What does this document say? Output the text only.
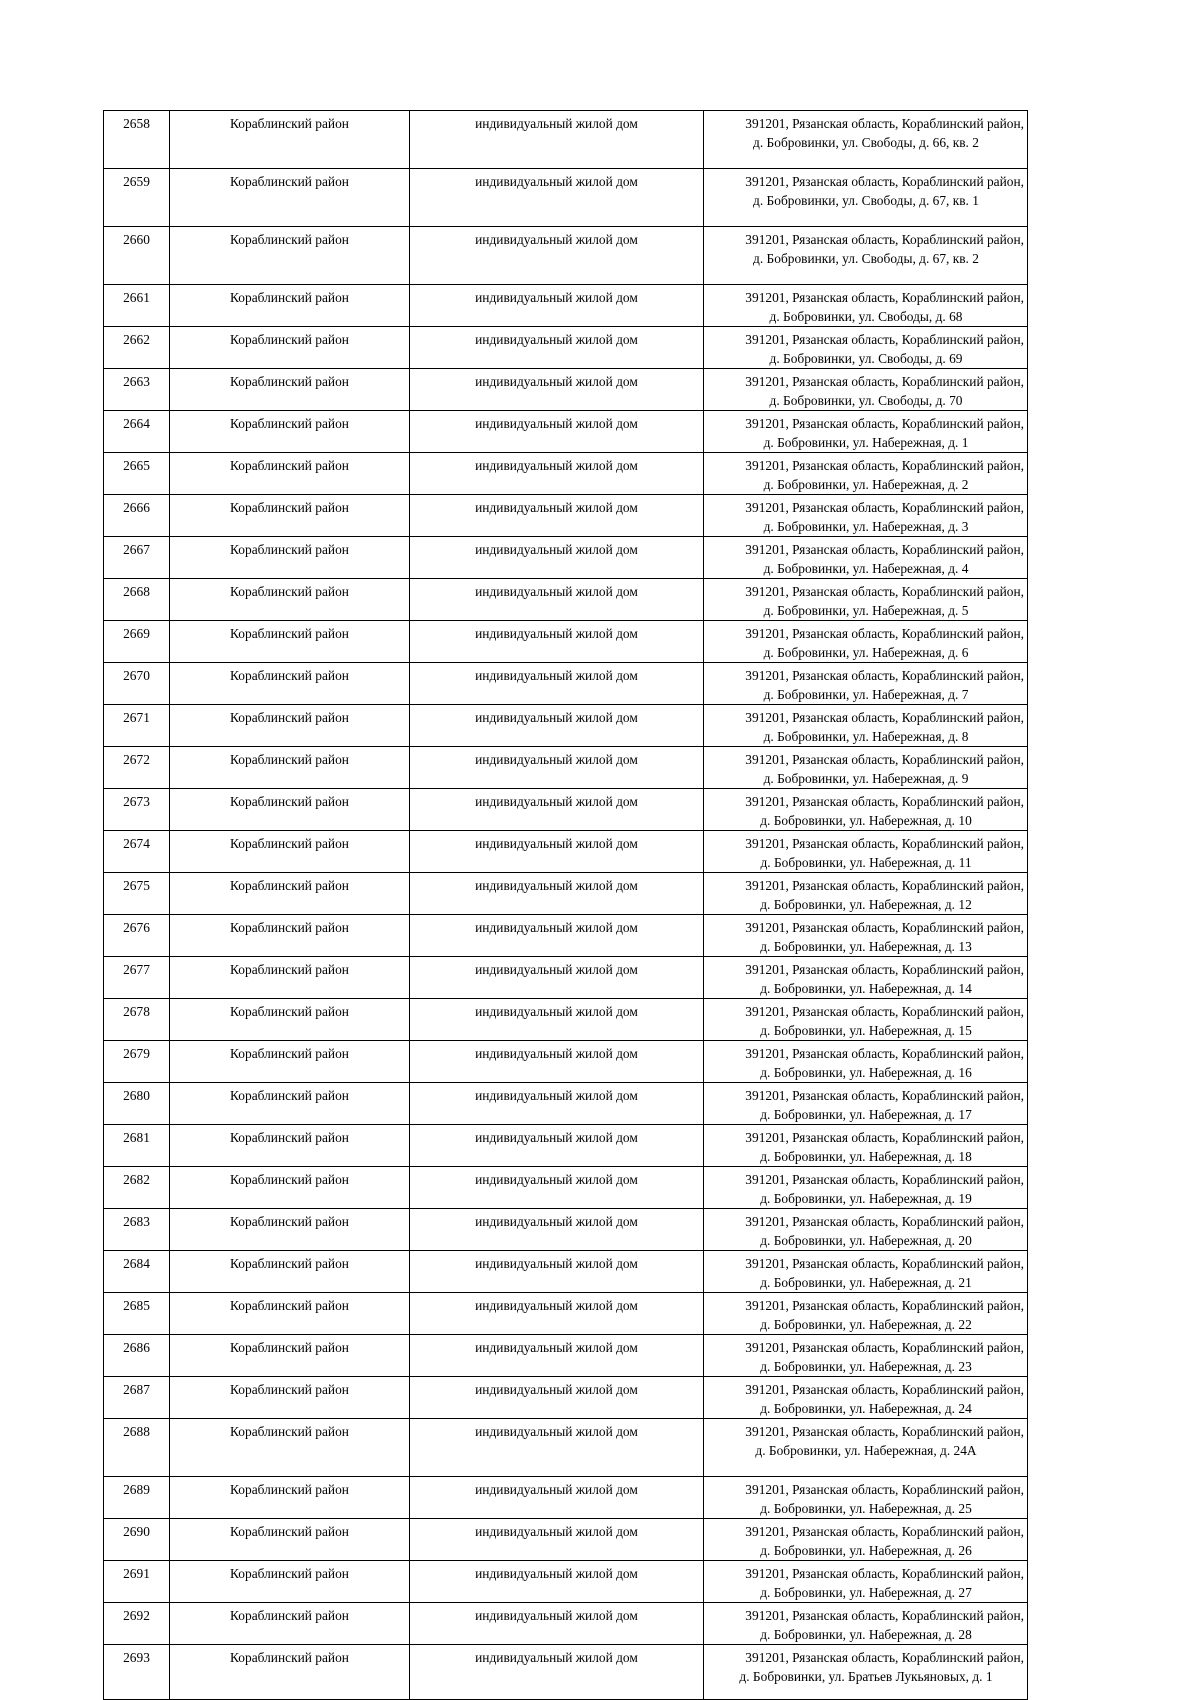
2658	Кораблинский район	индивидуальный жилой дом	391201, Рязанская область, Кораблинский район,
д. Бобровинки, ул. Свободы, д. 66, кв. 2

2659	Кораблинский район	индивидуальный жилой дом	391201, Рязанская область, Кораблинский район,
д. Бобровинки, ул. Свободы, д. 67, кв. 1

2660	Кораблинский район	индивидуальный жилой дом	391201, Рязанская область, Кораблинский район,
д. Бобровинки, ул. Свободы, д. 67, кв. 2

2661	Кораблинский район	индивидуальный жилой дом	391201, Рязанская область, Кораблинский район,
д. Бобровинки, ул. Свободы, д. 68

2662	Кораблинский район	индивидуальный жилой дом	391201, Рязанская область, Кораблинский район,
д. Бобровинки, ул. Свободы, д. 69

2663	Кораблинский район	индивидуальный жилой дом	391201, Рязанская область, Кораблинский район,
д. Бобровинки, ул. Свободы, д. 70

2664	Кораблинский район	индивидуальный жилой дом	391201, Рязанская область, Кораблинский район,
д. Бобровинки, ул. Набережная, д. 1

2665	Кораблинский район	индивидуальный жилой дом	391201, Рязанская область, Кораблинский район,
д. Бобровинки, ул. Набережная, д. 2

2666	Кораблинский район	индивидуальный жилой дом	391201, Рязанская область, Кораблинский район,
д. Бобровинки, ул. Набережная, д. 3

2667	Кораблинский район	индивидуальный жилой дом	391201, Рязанская область, Кораблинский район,
д. Бобровинки, ул. Набережная, д. 4

2668	Кораблинский район	индивидуальный жилой дом	391201, Рязанская область, Кораблинский район,
д. Бобровинки, ул. Набережная, д. 5

2669	Кораблинский район	индивидуальный жилой дом	391201, Рязанская область, Кораблинский район,
д. Бобровинки, ул. Набережная, д. 6

2670	Кораблинский район	индивидуальный жилой дом	391201, Рязанская область, Кораблинский район,
д. Бобровинки, ул. Набережная, д. 7

2671	Кораблинский район	индивидуальный жилой дом	391201, Рязанская область, Кораблинский район,
д. Бобровинки, ул. Набережная, д. 8

2672	Кораблинский район	индивидуальный жилой дом	391201, Рязанская область, Кораблинский район,
д. Бобровинки, ул. Набережная, д. 9

2673	Кораблинский район	индивидуальный жилой дом	391201, Рязанская область, Кораблинский район,
д. Бобровинки, ул. Набережная, д. 10

2674	Кораблинский район	индивидуальный жилой дом	391201, Рязанская область, Кораблинский район,
д. Бобровинки, ул. Набережная, д. 11

2675	Кораблинский район	индивидуальный жилой дом	391201, Рязанская область, Кораблинский район,
д. Бобровинки, ул. Набережная, д. 12

2676	Кораблинский район	индивидуальный жилой дом	391201, Рязанская область, Кораблинский район,
д. Бобровинки, ул. Набережная, д. 13

2677	Кораблинский район	индивидуальный жилой дом	391201, Рязанская область, Кораблинский район,
д. Бобровинки, ул. Набережная, д. 14

2678	Кораблинский район	индивидуальный жилой дом	391201, Рязанская область, Кораблинский район,
д. Бобровинки, ул. Набережная, д. 15

2679	Кораблинский район	индивидуальный жилой дом	391201, Рязанская область, Кораблинский район,
д. Бобровинки, ул. Набережная, д. 16

2680	Кораблинский район	индивидуальный жилой дом	391201, Рязанская область, Кораблинский район,
д. Бобровинки, ул. Набережная, д. 17

2681	Кораблинский район	индивидуальный жилой дом	391201, Рязанская область, Кораблинский район,
д. Бобровинки, ул. Набережная, д. 18

2682	Кораблинский район	индивидуальный жилой дом	391201, Рязанская область, Кораблинский район,
д. Бобровинки, ул. Набережная, д. 19

2683	Кораблинский район	индивидуальный жилой дом	391201, Рязанская область, Кораблинский район,
д. Бобровинки, ул. Набережная, д. 20

2684	Кораблинский район	индивидуальный жилой дом	391201, Рязанская область, Кораблинский район,
д. Бобровинки, ул. Набережная, д. 21

2685	Кораблинский район	индивидуальный жилой дом	391201, Рязанская область, Кораблинский район,
д. Бобровинки, ул. Набережная, д. 22

2686	Кораблинский район	индивидуальный жилой дом	391201, Рязанская область, Кораблинский район,
д. Бобровинки, ул. Набережная, д. 23

2687	Кораблинский район	индивидуальный жилой дом	391201, Рязанская область, Кораблинский район,
д. Бобровинки, ул. Набережная, д. 24

2688	Кораблинский район	индивидуальный жилой дом	391201, Рязанская область, Кораблинский район,
д. Бобровинки, ул. Набережная, д. 24А

2689	Кораблинский район	индивидуальный жилой дом	391201, Рязанская область, Кораблинский район,
д. Бобровинки, ул. Набережная, д. 25

2690	Кораблинский район	индивидуальный жилой дом	391201, Рязанская область, Кораблинский район,
д. Бобровинки, ул. Набережная, д. 26

2691	Кораблинский район	индивидуальный жилой дом	391201, Рязанская область, Кораблинский район,
д. Бобровинки, ул. Набережная, д. 27

2692	Кораблинский район	индивидуальный жилой дом	391201, Рязанская область, Кораблинский район,
д. Бобровинки, ул. Набережная, д. 28

2693	Кораблинский район	индивидуальный жилой дом	391201, Рязанская область, Кораблинский район,
д. Бобровинки, ул. Братьев Лукьяновых, д. 1
